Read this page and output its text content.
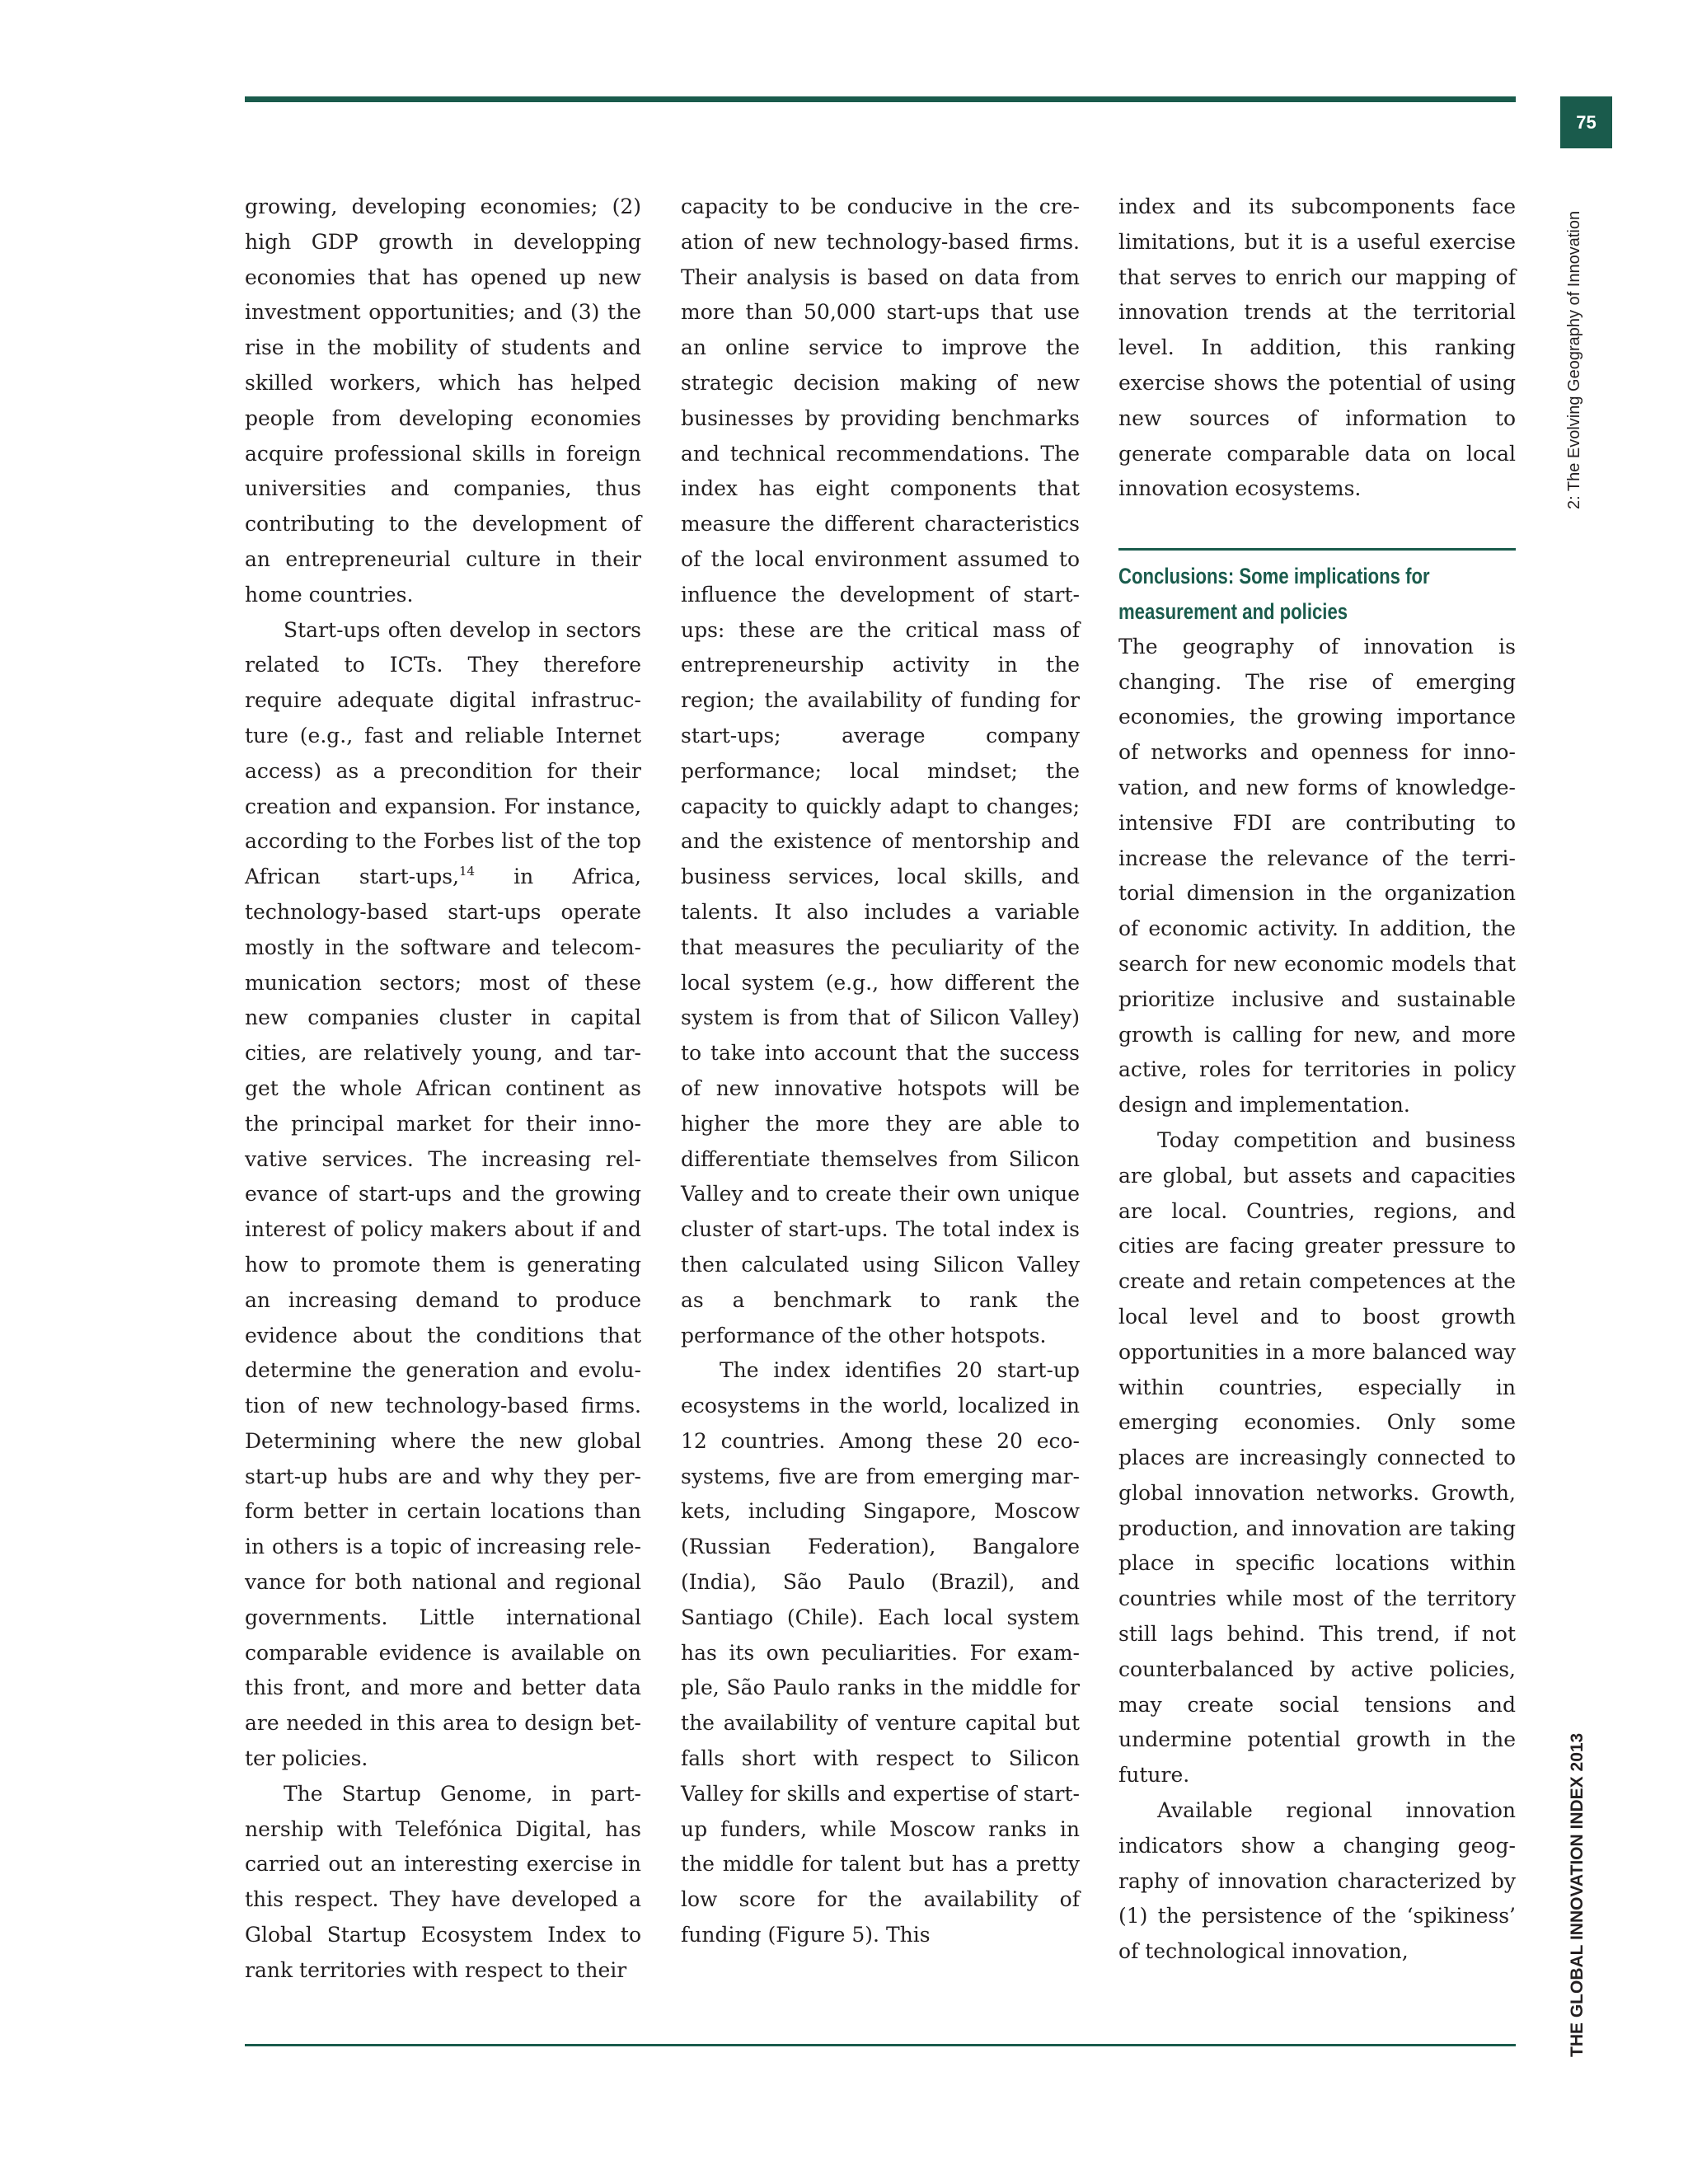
75
2: The Evolving Geography of Innovation
THE GLOBAL INNOVATION INDEX 2013

growing, developing economies; (2) high GDP growth in developping economies that has opened up new investment opportunities; and (3) the rise in the mobility of students and skilled workers, which has helped people from developing economies acquire professional skills in foreign universities and companies, thus contributing to the development of an entrepreneurial culture in their home countries.

Start-ups often develop in sectors related to ICTs. They therefore require adequate digital infrastructure (e.g., fast and reliable Internet access) as a precondition for their creation and expansion. For instance, according to the Forbes list of the top African start-ups,$^{14}$ in Africa, technology-based start-ups operate mostly in the software and telecommunication sectors; most of these new companies cluster in capital cities, are relatively young, and target the whole African continent as the principal market for their innovative services. The increasing relevance of start-ups and the growing interest of policy makers about if and how to promote them is generating an increasing demand to produce evidence about the conditions that determine the generation and evolution of new technology-based firms. Determining where the new global start-up hubs are and why they perform better in certain locations than in others is a topic of increasing relevance for both national and regional governments. Little international comparable evidence is available on this front, and more and better data are needed in this area to design better policies.

The Startup Genome, in partnership with Telefónica Digital, has carried out an interesting exercise in this respect. They have developed a Global Startup Ecosystem Index to rank territories with respect to their

capacity to be conducive in the creation of new technology-based firms. Their analysis is based on data from more than 50,000 start-ups that use an online service to improve the strategic decision making of new businesses by providing benchmarks and technical recommendations. The index has eight components that measure the different characteristics of the local environment assumed to influence the development of start-ups: these are the critical mass of entrepreneurship activity in the region; the availability of funding for start-ups; average company performance; local mindset; the capacity to quickly adapt to changes; and the existence of mentorship and business services, local skills, and talents. It also includes a variable that measures the peculiarity of the local system (e.g., how different the system is from that of Silicon Valley) to take into account that the success of new innovative hotspots will be higher the more they are able to differentiate themselves from Silicon Valley and to create their own unique cluster of start-ups. The total index is then calculated using Silicon Valley as a benchmark to rank the performance of the other hotspots.

The index identifies 20 start-up ecosystems in the world, localized in 12 countries. Among these 20 ecosystems, five are from emerging markets, including Singapore, Moscow (Russian Federation), Bangalore (India), São Paulo (Brazil), and Santiago (Chile). Each local system has its own peculiarities. For example, São Paulo ranks in the middle for the availability of venture capital but falls short with respect to Silicon Valley for skills and expertise of start-up funders, while Moscow ranks in the middle for talent but has a pretty low score for the availability of funding (Figure 5). This

index and its subcomponents face limitations, but it is a useful exercise that serves to enrich our mapping of innovation trends at the territorial level. In addition, this ranking exercise shows the potential of using new sources of information to generate comparable data on local innovation ecosystems.

Conclusions: Some implications for
measurement and policies

The geography of innovation is changing. The rise of emerging economies, the growing importance of networks and openness for innovation, and new forms of knowledge-intensive FDI are contributing to increase the relevance of the territorial dimension in the organization of economic activity. In addition, the search for new economic models that prioritize inclusive and sustainable growth is calling for new, and more active, roles for territories in policy design and implementation.

Today competition and business are global, but assets and capacities are local. Countries, regions, and cities are facing greater pressure to create and retain competences at the local level and to boost growth opportunities in a more balanced way within countries, especially in emerging economies. Only some places are increasingly connected to global innovation networks. Growth, production, and innovation are taking place in specific locations within countries while most of the territory still lags behind. This trend, if not counterbalanced by active policies, may create social tensions and undermine potential growth in the future.

Available regional innovation indicators show a changing geography of innovation characterized by (1) the persistence of the ‘spikiness’ of technological innovation,
